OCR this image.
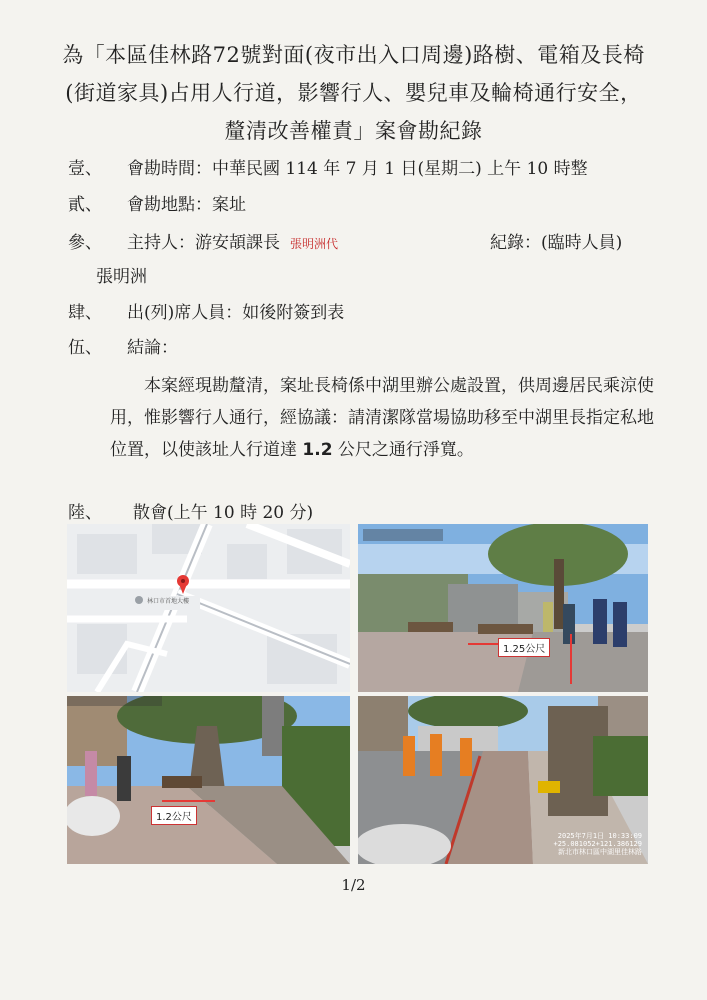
為「本區佳林路72號對面(夜市出入口周邊)路樹、電箱及長椅
(街道家具)占用人行道，影響行人、嬰兒車及輪椅通行安全，
釐清改善權責」案會勘紀錄
壹、 會勘時間：中華民國 114 年 7 月 1 日(星期二) 上午 10 時整
貳、 會勘地點：案址
參、 主持人：游安頡課長 張明洲代	紀錄：(臨時人員)
張明洲
肆、 出(列)席人員：如後附簽到表
伍、 結論：
本案經現勘釐清，案址長椅係中湖里辦公處設置，供周邊居民乘涼使用，惟影響行人通行，經協議：請清潔隊當場協助移至中湖里長指定私地位置，以使該址人行道達 1.2 公尺之通行淨寬。
陸、 散會(上午 10 時 20 分)
林口市首地大樓
1.25公尺
1.2公尺
2025年7月1日 10:33:09
+25.081052+121.386129
新北市林口區中湖里佳林路
1/2
